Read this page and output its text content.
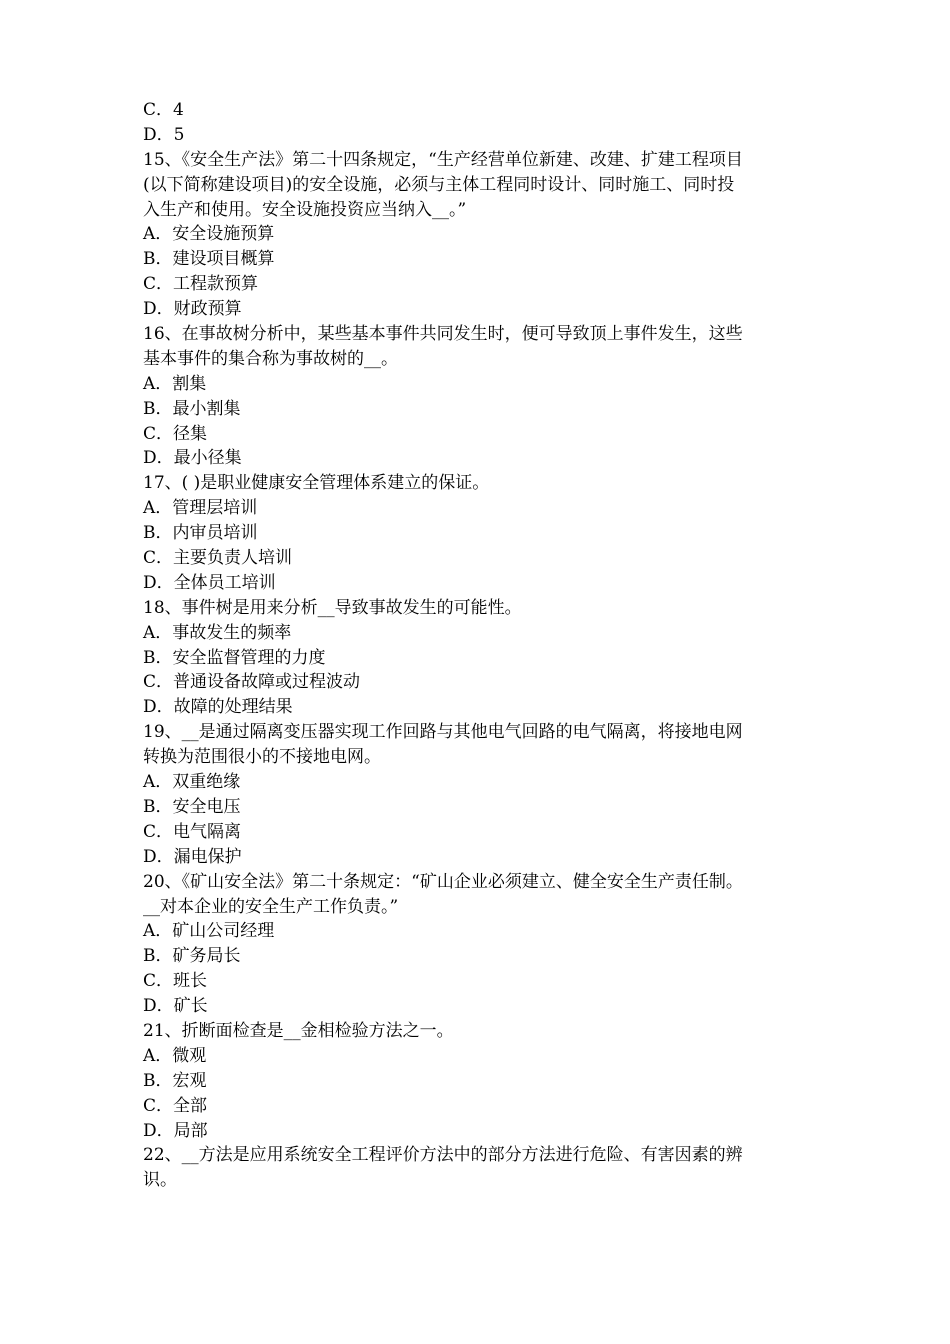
C．4
D．5
15、《安全生产法》第二十四条规定，“生产经营单位新建、改建、扩建工程项目
(以下简称建设项目)的安全设施，必须与主体工程同时设计、同时施工、同时投
入生产和使用。安全设施投资应当纳入__。”
A．安全设施预算
B．建设项目概算
C．工程款预算
D．财政预算
16、在事故树分析中，某些基本事件共同发生时，便可导致顶上事件发生，这些
基本事件的集合称为事故树的__。
A．割集
B．最小割集
C．径集
D．最小径集
17、( )是职业健康安全管理体系建立的保证。
A．管理层培训
B．内审员培训
C．主要负责人培训
D．全体员工培训
18、事件树是用来分析__导致事故发生的可能性。
A．事故发生的频率
B．安全监督管理的力度
C．普通设备故障或过程波动
D．故障的处理结果
19、__是通过隔离变压器实现工作回路与其他电气回路的电气隔离，将接地电网
转换为范围很小的不接地电网。
A．双重绝缘
B．安全电压
C．电气隔离
D．漏电保护
20、《矿山安全法》第二十条规定：“矿山企业必须建立、健全安全生产责任制。
__对本企业的安全生产工作负责。”
A．矿山公司经理
B．矿务局长
C．班长
D．矿长
21、折断面检查是__金相检验方法之一。
A．微观
B．宏观
C．全部
D．局部
22、__方法是应用系统安全工程评价方法中的部分方法进行危险、有害因素的辨
识。
